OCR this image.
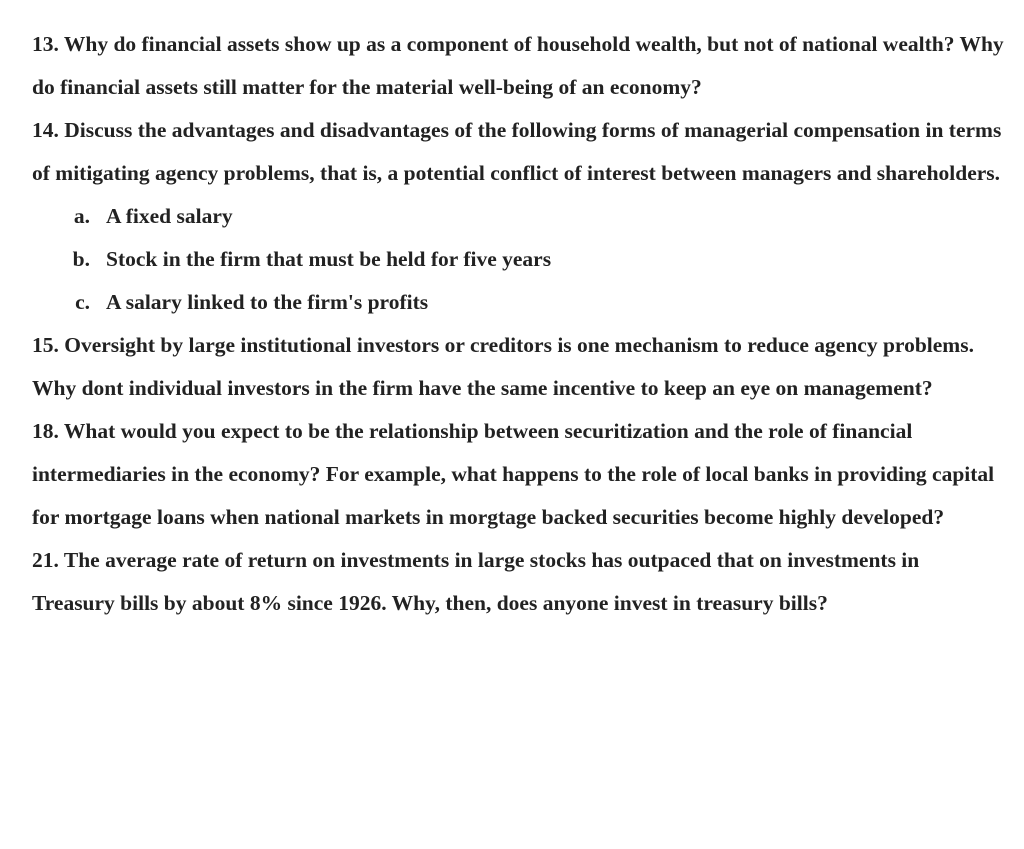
13. Why do financial assets show up as a component of household wealth, but not of national wealth? Why do financial assets still matter for the material well-being of an economy?

14. Discuss the advantages and disadvantages of the following forms of managerial compensation in terms of mitigating agency problems, that is, a potential conflict of interest between managers and shareholders.

a. A fixed salary
b. Stock in the firm that must be held for five years
c. A salary linked to the firm's profits

15. Oversight by large institutional investors or creditors is one mechanism to reduce agency problems. Why dont individual investors in the firm have the same incentive to keep an eye on management?

18. What would you expect to be the relationship between securitization and the role of financial intermediaries in the economy? For example, what happens to the role of local banks in providing capital for mortgage loans when national markets in morgtage backed securities become highly developed?

21. The average rate of return on investments in large stocks has outpaced that on investments in Treasury bills by about 8% since 1926. Why, then, does anyone invest in treasury bills?
